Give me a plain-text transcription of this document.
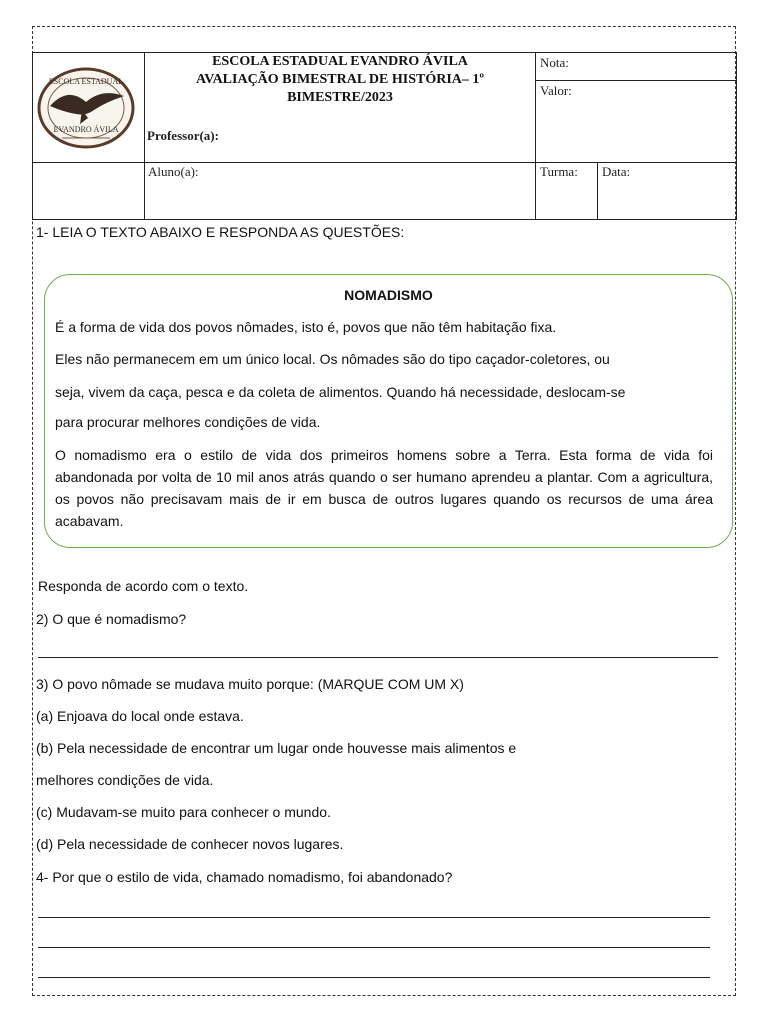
ESCOLA ESTADUAL
EVANDRO ÁVILA
ESCOLA ESTADUAL EVANDRO ÁVILA
AVALIAÇÃO BIMESTRAL DE HISTÓRIA– 1º BIMESTRE/2023
Professor(a):
Nota:
Valor:
Aluno(a):	Turma: Data:
1- LEIA O TEXTO ABAIXO E RESPONDA AS QUESTÕES:
NOMADISMO
É a forma de vida dos povos nômades, isto é, povos que não têm habitação fixa.
Eles não permanecem em um único local. Os nômades são do tipo caçador-coletores, ou
seja, vivem da caça, pesca e da coleta de alimentos. Quando há necessidade, deslocam-se
para procurar melhores condições de vida.
O nomadismo era o estilo de vida dos primeiros homens sobre a Terra. Esta forma de vida foi abandonada por volta de 10 mil anos atrás quando o ser humano aprendeu a plantar. Com a agricultura, os povos não precisavam mais de ir em busca de outros lugares quando os recursos de uma área acabavam.
Responda de acordo com o texto.
2) O que é nomadismo?
3) O povo nômade se mudava muito porque: (MARQUE COM UM X)
(a) Enjoava do local onde estava.
(b) Pela necessidade de encontrar um lugar onde houvesse mais alimentos e
melhores condições de vida.
(c) Mudavam-se muito para conhecer o mundo.
(d) Pela necessidade de conhecer novos lugares.
4- Por que o estilo de vida, chamado nomadismo, foi abandonado?
